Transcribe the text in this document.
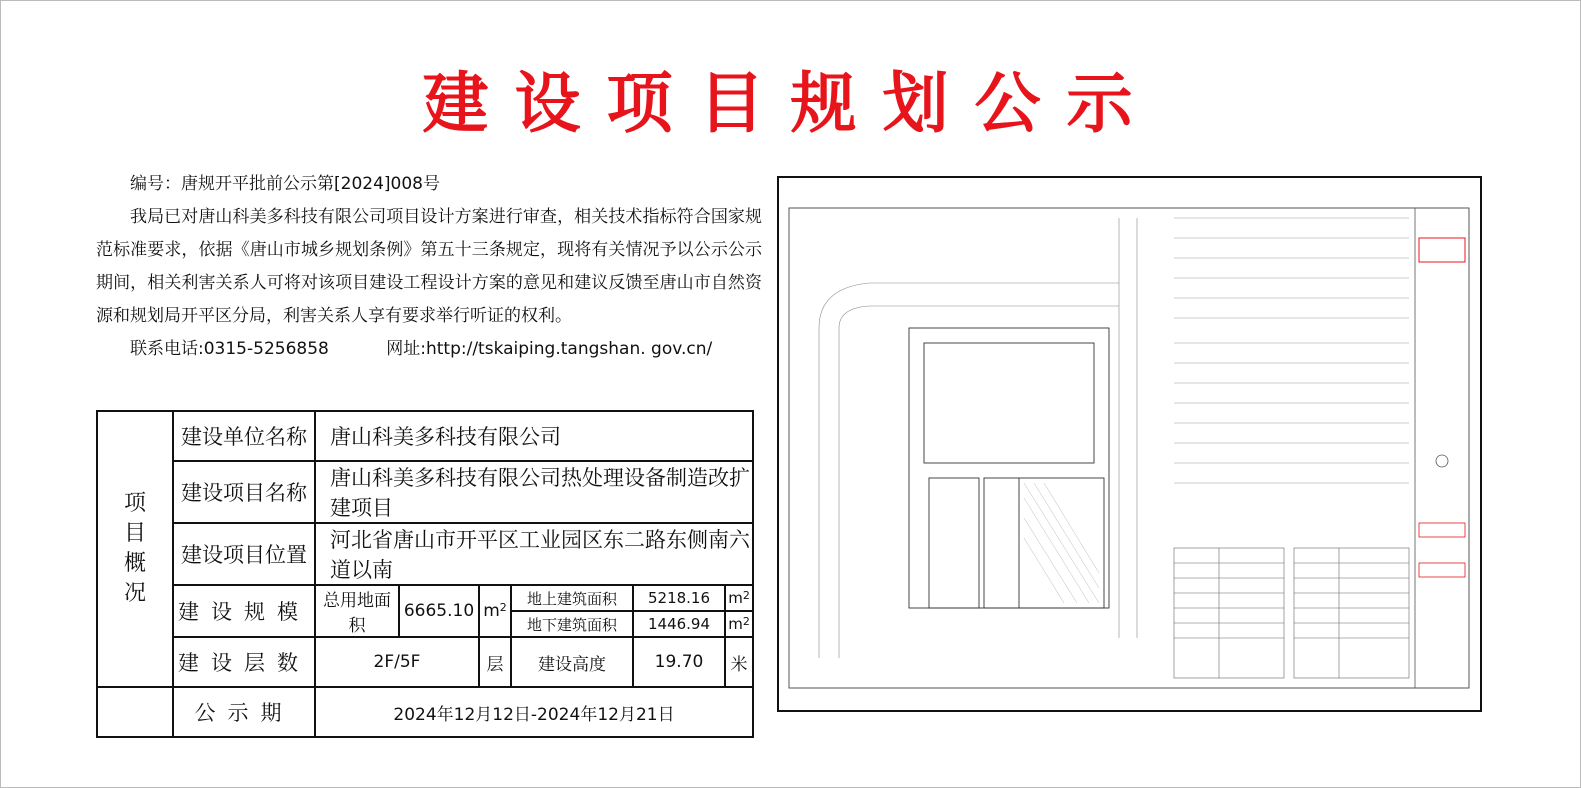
建设项目规划公示
编号：唐规开平批前公示第[2024]008号
我局已对唐山科美多科技有限公司项目设计方案进行审查，相关技术指标符合国家规范标准要求，依据《唐山市城乡规划条例》第五十三条规定，现将有关情况予以公示公示期间，相关利害关系人可将对该项目建设工程设计方案的意见和建议反馈至唐山市自然资源和规划局开平区分局，利害关系人享有要求举行听证的权利。
联系电话:0315-5256858	网址:http://tskaiping.tangshan. gov.cn/
项
目
概
况	建设单位名称	唐山科美多科技有限公司					
	建设项目名称	唐山科美多科技有限公司热处理设备制造改扩建项目					
	建设项目位置	河北省唐山市开平区工业园区东二路东侧南六道以南					
	建设规模	总用地面积	6665.10	$m^2$	地上建筑面积	5218.16	$m^2$
					地下建筑面积	1446.94	$m^2$
	建设层数	2F/5F		层	建设高度	19.70	米
	公示期	2024年12月12日-2024年12月21日					
